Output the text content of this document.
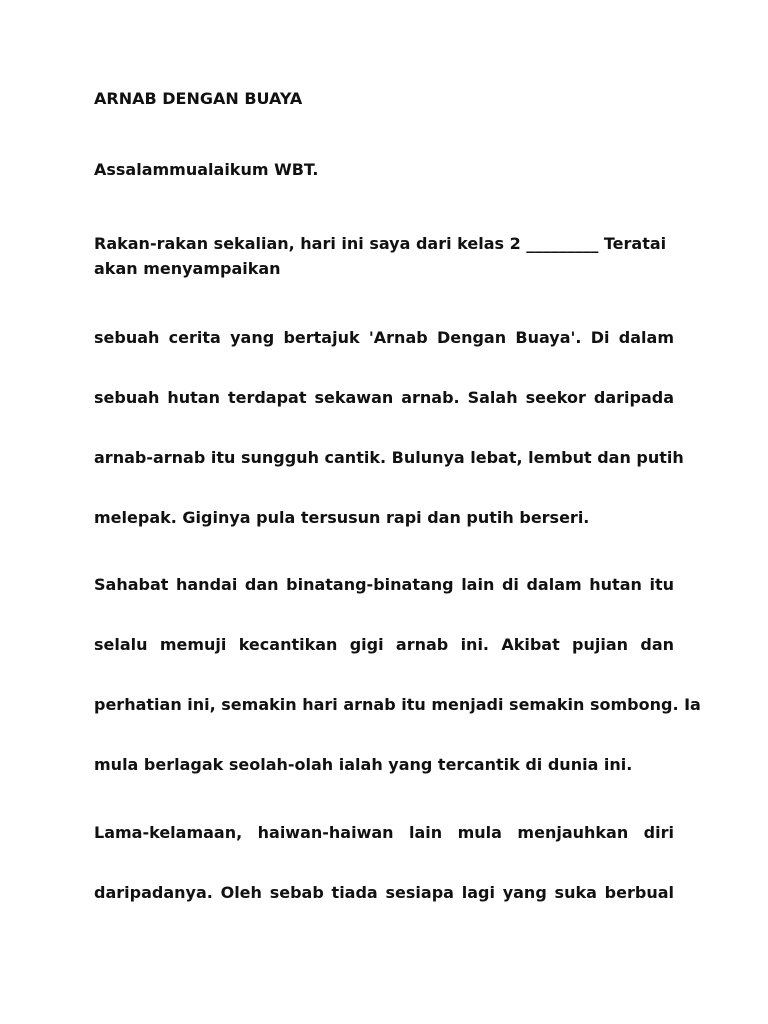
ARNAB DENGAN BUAYA
Assalammualaikum WBT.
Rakan-rakan sekalian, hari ini saya dari kelas 2 _________ Teratai
akan menyampaikan
sebuah cerita yang bertajuk 'Arnab Dengan Buaya'. Di dalam
sebuah hutan terdapat sekawan arnab. Salah seekor daripada
arnab-arnab itu sungguh cantik. Bulunya lebat, lembut dan putih
melepak. Giginya pula tersusun rapi dan putih berseri.
Sahabat handai dan binatang-binatang lain di dalam hutan itu
selalu memuji kecantikan gigi arnab ini. Akibat pujian dan
perhatian ini, semakin hari arnab itu menjadi semakin sombong. Ia
mula berlagak seolah-olah ialah yang tercantik di dunia ini.
Lama-kelamaan, haiwan-haiwan lain mula menjauhkan diri
daripadanya. Oleh sebab tiada sesiapa lagi yang suka berbual
